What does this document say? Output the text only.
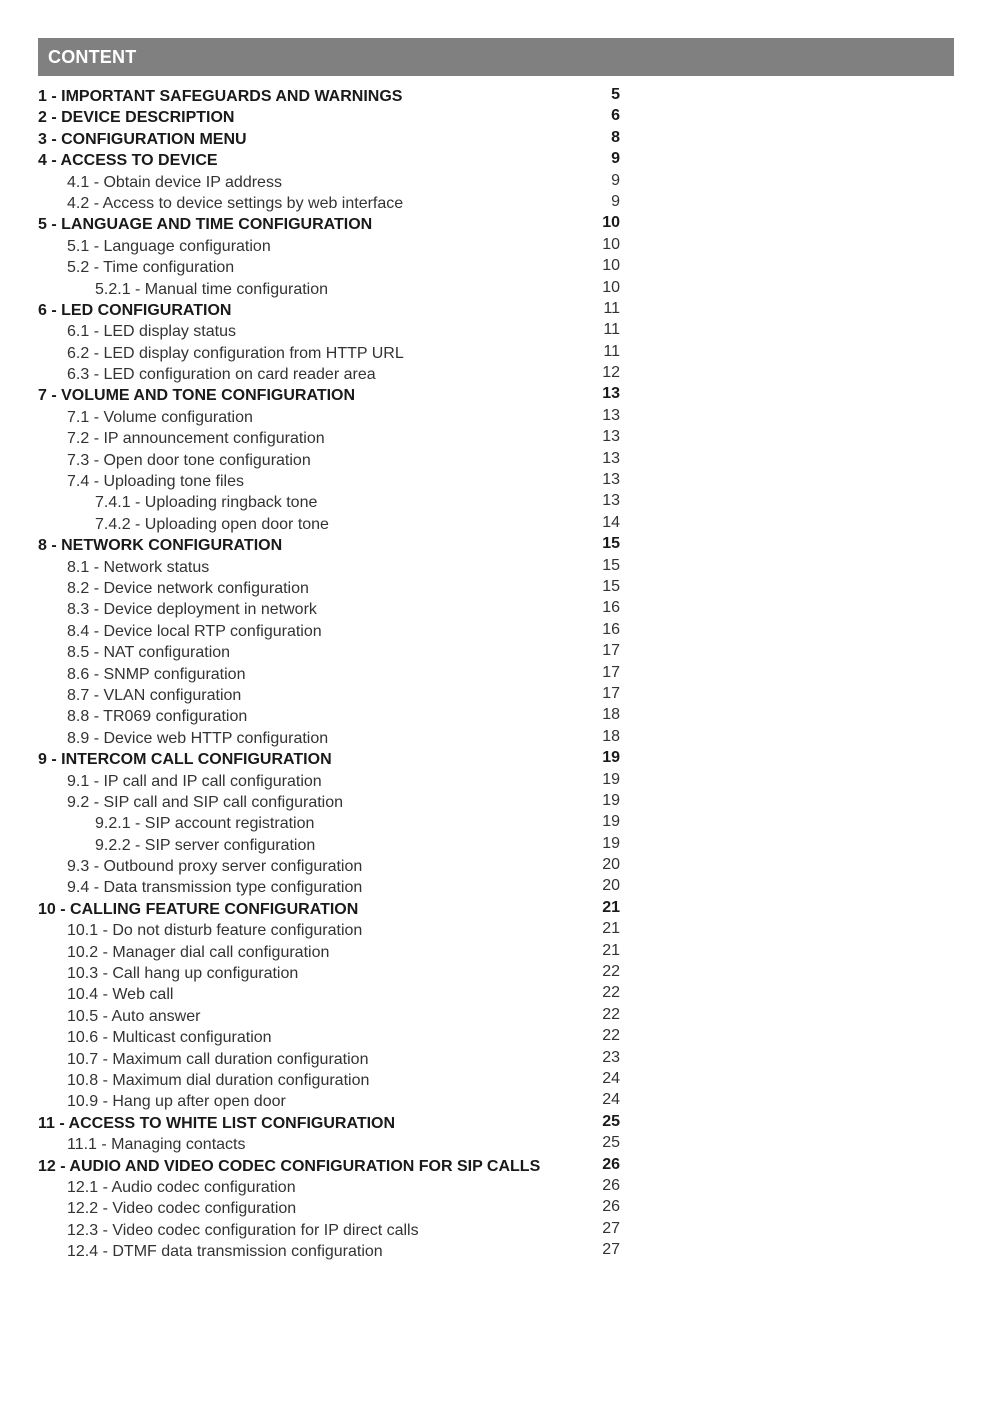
CONTENT
1 - IMPORTANT SAFEGUARDS AND WARNINGS	5
2 - DEVICE DESCRIPTION	6
3 - CONFIGURATION MENU	8
4 - ACCESS TO DEVICE	9
4.1 - Obtain device IP address	9
4.2 - Access to device settings by web interface	9
5 - LANGUAGE AND TIME CONFIGURATION	10
5.1 - Language configuration	10
5.2 - Time configuration	10
5.2.1 - Manual time configuration	10
6 - LED CONFIGURATION	11
6.1 - LED display status	11
6.2 - LED display configuration from HTTP URL	11
6.3 - LED configuration on card reader area	12
7 - VOLUME AND TONE CONFIGURATION	13
7.1 - Volume configuration	13
7.2 - IP announcement configuration	13
7.3 - Open door tone configuration	13
7.4 - Uploading tone files	13
7.4.1 - Uploading ringback tone	13
7.4.2 - Uploading open door tone	14
8 - NETWORK CONFIGURATION	15
8.1 - Network status	15
8.2 - Device network configuration	15
8.3 - Device deployment in network	16
8.4 - Device local RTP configuration	16
8.5 - NAT configuration	17
8.6 - SNMP configuration	17
8.7 - VLAN configuration	17
8.8 - TR069 configuration	18
8.9 - Device web HTTP configuration	18
9 - INTERCOM CALL CONFIGURATION	19
9.1 - IP call and IP call configuration	19
9.2 - SIP call and SIP call configuration	19
9.2.1 - SIP account registration	19
9.2.2 - SIP server configuration	19
9.3 - Outbound proxy server configuration	20
9.4 - Data transmission type configuration	20
10 - CALLING FEATURE CONFIGURATION	21
10.1 - Do not disturb feature configuration	21
10.2 - Manager dial call configuration	21
10.3 - Call hang up configuration	22
10.4 - Web call	22
10.5 - Auto answer	22
10.6 - Multicast configuration	22
10.7 - Maximum call duration configuration	23
10.8 - Maximum dial duration configuration	24
10.9 - Hang up after open door	24
11 - ACCESS TO WHITE LIST CONFIGURATION	25
11.1 - Managing contacts	25
12 - AUDIO AND VIDEO CODEC CONFIGURATION FOR SIP CALLS	26
12.1 - Audio codec configuration	26
12.2 - Video codec configuration	26
12.3 - Video codec configuration for IP direct calls	27
12.4 - DTMF data transmission configuration	27
